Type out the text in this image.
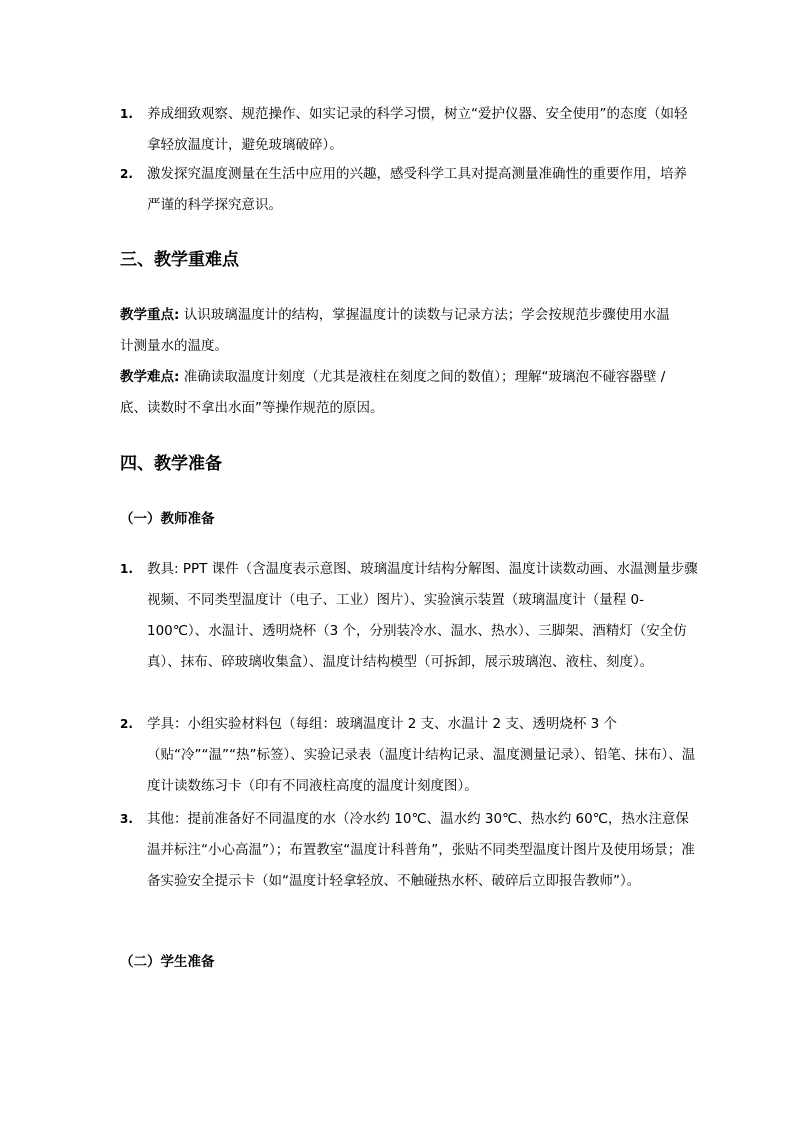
1.	养成细致观察、规范操作、如实记录的科学习惯，树立“爱护仪器、安全使用”的态度（如轻拿轻放温度计，避免玻璃破碎）。
2.	激发探究温度测量在生活中应用的兴趣，感受科学工具对提高测量准确性的重要作用，培养严谨的科学探究意识。
三、教学重难点
教学重点: 认识玻璃温度计的结构，掌握温度计的读数与记录方法；学会按规范步骤使用水温计测量水的温度。
教学难点: 准确读取温度计刻度（尤其是液柱在刻度之间的数值）；理解“玻璃泡不碰容器壁 / 底、读数时不拿出水面”等操作规范的原因。
四、教学准备
（一）教师准备
1.	教具: PPT 课件（含温度表示意图、玻璃温度计结构分解图、温度计读数动画、水温测量步骤视频、不同类型温度计（电子、工业）图片）、实验演示装置（玻璃温度计（量程 0-100℃）、水温计、透明烧杯（3 个，分别装冷水、温水、热水）、三脚架、酒精灯（安全仿真）、抹布、碎玻璃收集盒）、温度计结构模型（可拆卸，展示玻璃泡、液柱、刻度）。
2.	学具：小组实验材料包（每组：玻璃温度计 2 支、水温计 2 支、透明烧杯 3 个（贴“冷”“温”“热”标签）、实验记录表（温度计结构记录、温度测量记录）、铅笔、抹布）、温度计读数练习卡（印有不同液柱高度的温度计刻度图）。
3.	其他：提前准备好不同温度的水（冷水约 10℃、温水约 30℃、热水约 60℃，热水注意保温并标注“小心高温”）；布置教室“温度计科普角”，张贴不同类型温度计图片及使用场景；准备实验安全提示卡（如“温度计轻拿轻放、不触碰热水杯、破碎后立即报告教师”）。
（二）学生准备
